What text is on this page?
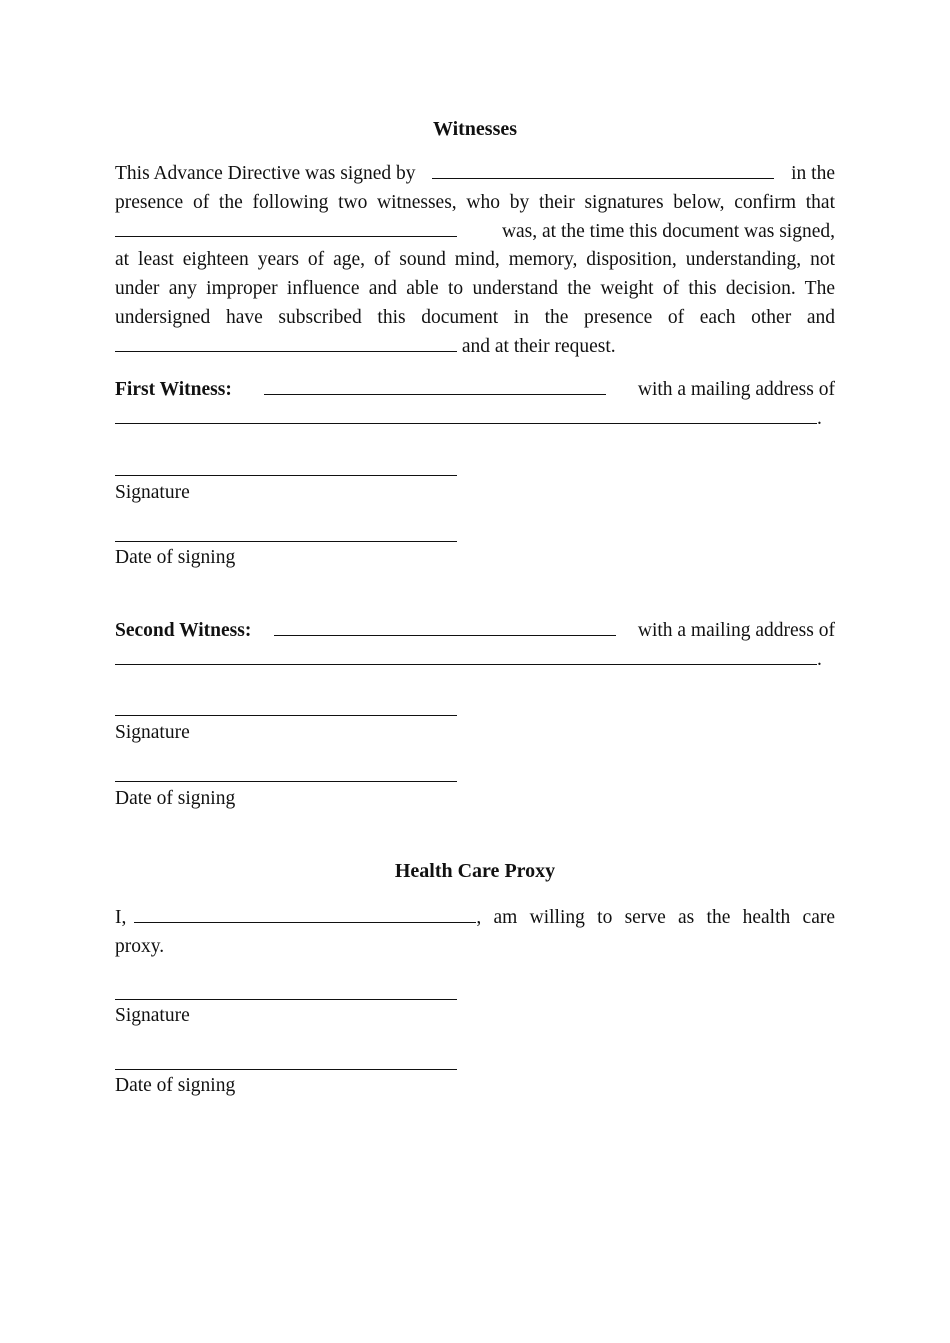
Witnesses
This Advance Directive was signed by	in the
presence of the following two witnesses, who by their signatures below, confirm that
was, at the time this document was signed,
at least eighteen years of age, of sound mind, memory, disposition, understanding, not
under any improper influence and able to understand the weight of this decision. The
undersigned have subscribed this document in the presence of each other and
and at their request.
First Witness:	with a mailing address of
.
Signature
Date of signing
Second Witness:	with a mailing address of
.
Signature
Date of signing
Health Care Proxy
I,	, am willing to serve as the health care
proxy.
Signature
Date of signing
